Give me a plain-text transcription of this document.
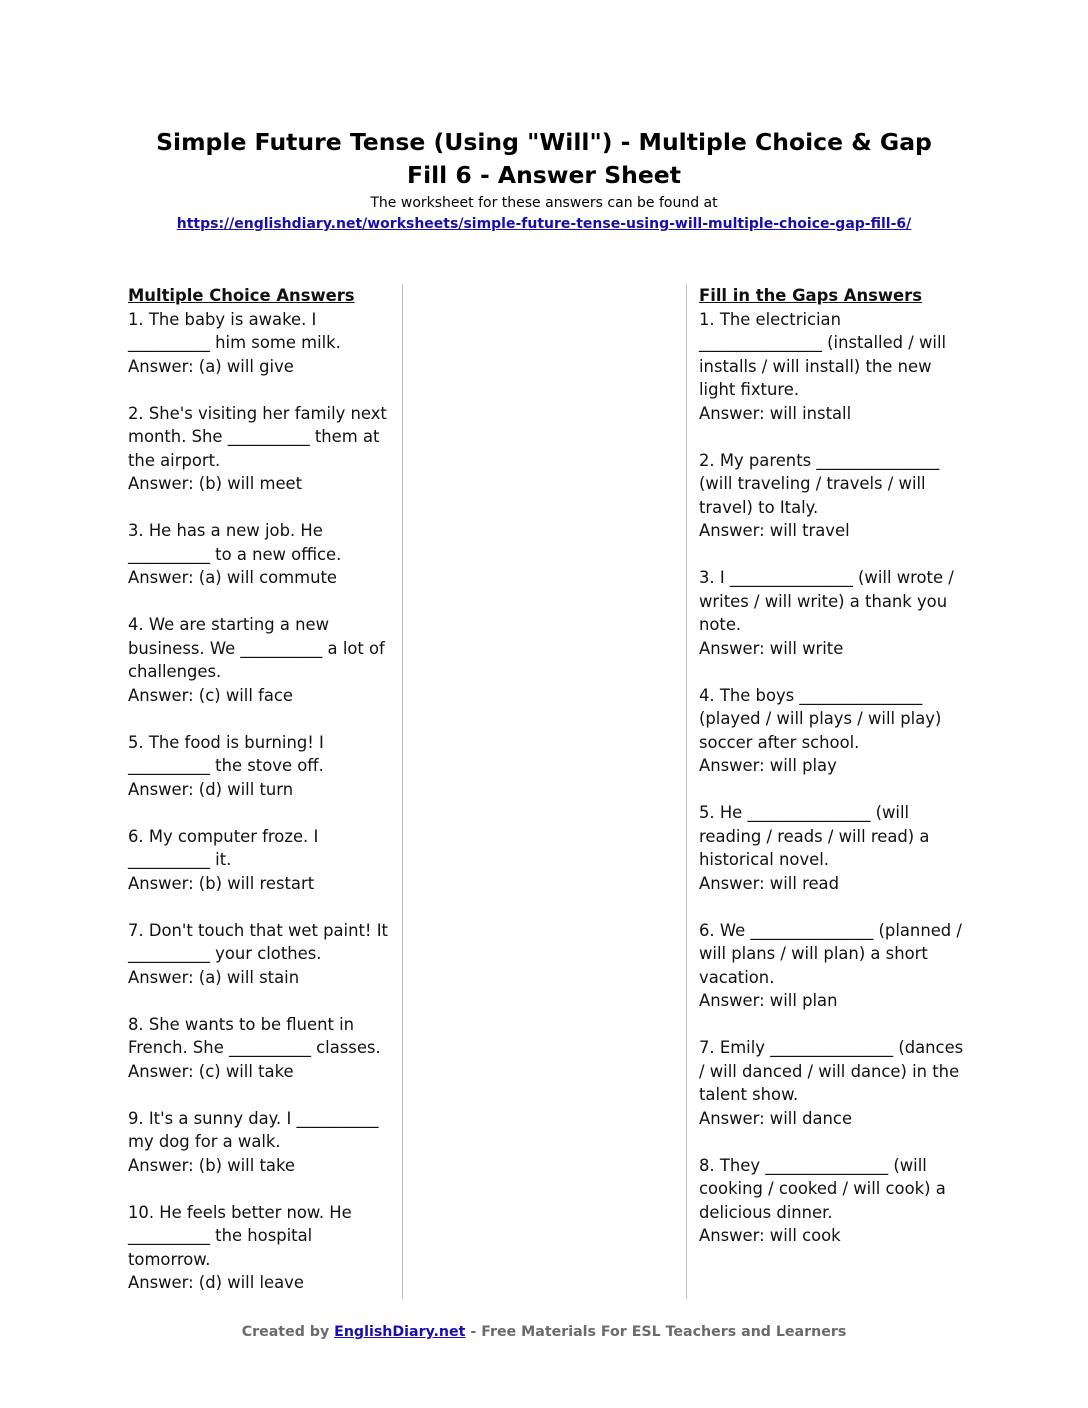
Simple Future Tense (Using "Will") - Multiple Choice & Gap Fill 6 - Answer Sheet
The worksheet for these answers can be found at
https://englishdiary.net/worksheets/simple-future-tense-using-will-multiple-choice-gap-fill-6/

Multiple Choice Answers

1. The baby is awake. I __________ him some milk.
Answer: (a) will give
2. She's visiting her family next month. She __________ them at the airport.
Answer: (b) will meet
3. He has a new job. He __________ to a new office.
Answer: (a) will commute
4. We are starting a new business. We __________ a lot of challenges.
Answer: (c) will face
5. The food is burning! I __________ the stove off.
Answer: (d) will turn
6. My computer froze. I __________ it.
Answer: (b) will restart
7. Don't touch that wet paint! It __________ your clothes.
Answer: (a) will stain
8. She wants to be fluent in French. She __________ classes.
Answer: (c) will take
9. It's a sunny day. I __________ my dog for a walk.
Answer: (b) will take
10. He feels better now. He __________ the hospital tomorrow.
Answer: (d) will leave

Fill in the Gaps Answers

1. The electrician _______________ (installed / will installs / will install) the new light fixture.
Answer: will install
2. My parents _______________ (will traveling / travels / will travel) to Italy.
Answer: will travel
3. I _______________ (will wrote / writes / will write) a thank you note.
Answer: will write
4. The boys _______________ (played / will plays / will play) soccer after school.
Answer: will play
5. He _______________ (will reading / reads / will read) a historical novel.
Answer: will read
6. We _______________ (planned / will plans / will plan) a short vacation.
Answer: will plan
7. Emily _______________ (dances / will danced / will dance) in the talent show.
Answer: will dance
8. They _______________ (will cooking / cooked / will cook) a delicious dinner.
Answer: will cook
Created by EnglishDiary.net - Free Materials For ESL Teachers and Learners
